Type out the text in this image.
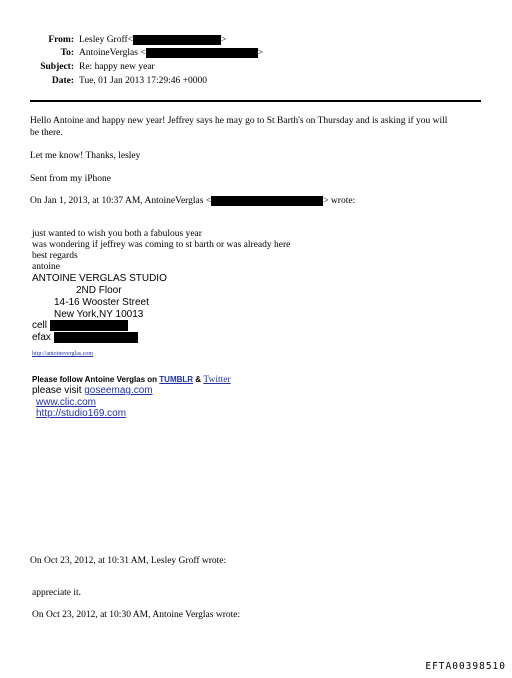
From: Lesley Groff<	>
To: AntoineVerglas <	>
Subject: Re: happy new year
Date: Tue, 01 Jan 2013 17:29:46 +0000
Hello Antoine and happy new year! Jeffrey says he may go to St Barth's on Thursday and is asking if you will
be there.
Let me know! Thanks, lesley
Sent from my iPhone
On Jan 1, 2013, at 10:37 AM, AntoineVerglas <	> wrote:
just wanted to wish you both a fabulous year
was wondering if jeffrey was coming to st barth or was already here
best regards
antoine
ANTOINE VERGLAS STUDIO
2ND Floor
14-16 Wooster Street
New York,NY 10013
cell
efax
http://antoineverglas.com
Please follow Antoine Verglas on TUMBLR & Twitter
please visit goseemag.com
www.clic.com
http://studio169.com
On Oct 23, 2012, at 10:31 AM, Lesley Groff wrote:
appreciate it.
On Oct 23, 2012, at 10:30 AM, Antoine Verglas wrote:
EFTA00398510
